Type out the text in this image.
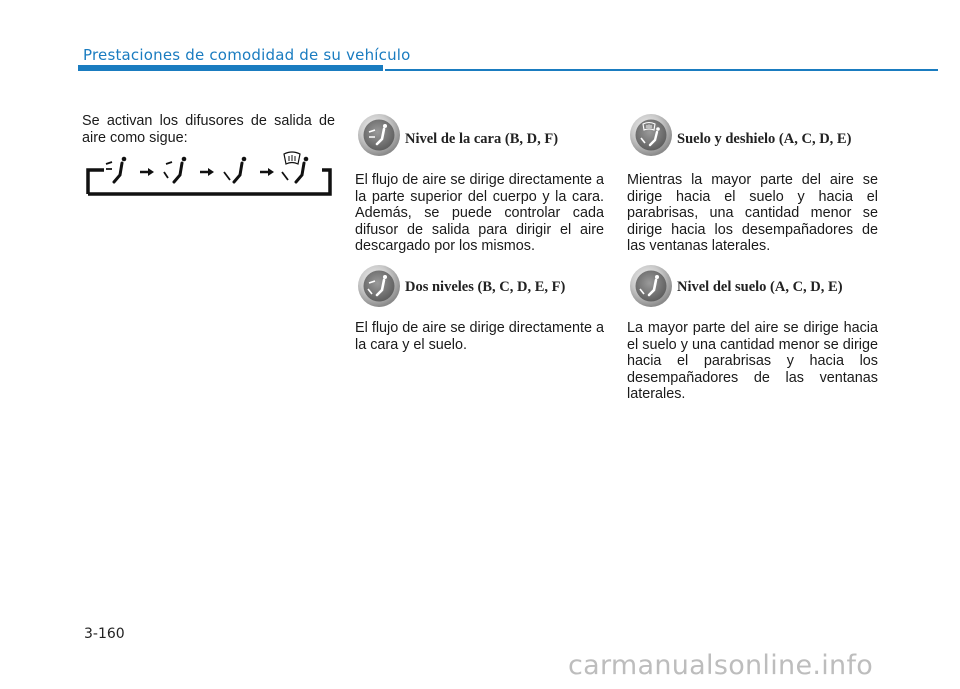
Prestaciones de comodidad de su vehículo

Se activan los difusores de salida de aire como sigue:	Nivel de la cara (B, D, F)

El flujo de aire se dirige directamente a la parte superior del cuerpo y la cara. Además, se puede controlar cada difusor de salida para dirigir el aire descargado por los mismos.

Dos niveles (B, C, D, E, F)

El flujo de aire se dirige directamente a la cara y el suelo.

Suelo y deshielo (A, C, D, E)

Mientras la mayor parte del aire se dirige hacia el suelo y hacia el parabrisas, una cantidad menor se dirige hacia los desempañadores de las ventanas laterales.

Nivel del suelo (A, C, D, E)

La mayor parte del aire se dirige hacia el suelo y una cantidad menor se dirige hacia el parabrisas y hacia los desempañadores de las ventanas laterales.

3-160
carmanualsonline.info
